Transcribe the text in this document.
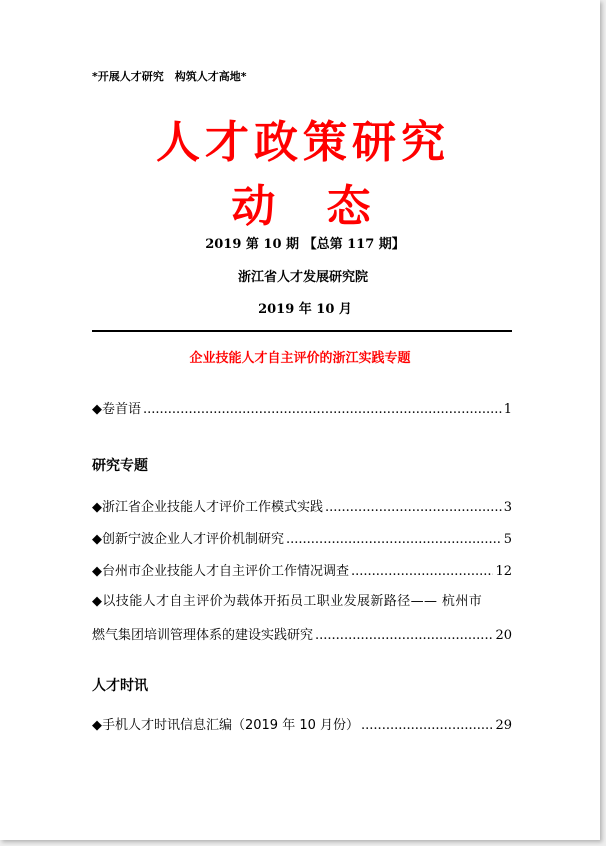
*开展人才研究　构筑人才高地*
人才政策研究
动 态
2019 第 10 期 【总第 117 期】
浙江省人才发展研究院
2019 年 10 月
企业技能人才自主评价的浙江实践专题
◆卷首语 .....	1
研究专题
◆浙江省企业技能人才评价工作模式实践 .....	3
◆创新宁波企业人才评价机制研究 .....	5
◆台州市企业技能人才自主评价工作情况调查 .....	12
◆以技能人才自主评价为载体开拓员工职业发展新路径—— 杭州市
燃气集团培训管理体系的建设实践研究 .....	20
人才时讯
◆手机人才时讯信息汇编（2019 年 10 月份） .....	29
